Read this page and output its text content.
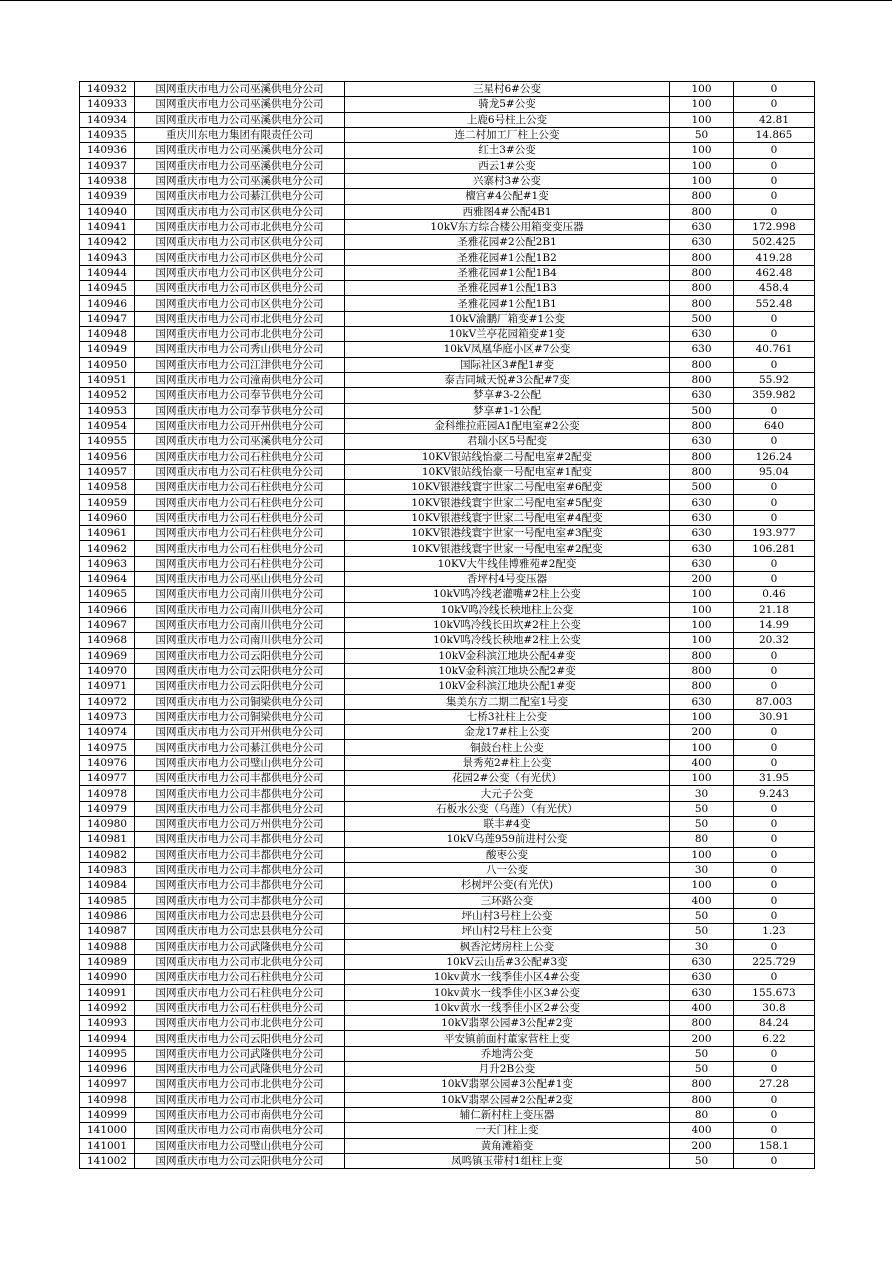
140932	国网重庆市电力公司巫溪供电分公司	三星村6#公变	100	0
140933	国网重庆市电力公司巫溪供电分公司	骑龙5#公变	100	0
140934	国网重庆市电力公司巫溪供电分公司	上鹿6号柱上公变	100	42.81
140935	重庆川东电力集团有限责任公司	连二村加工厂柱上公变	50	14.865
140936	国网重庆市电力公司巫溪供电分公司	红土3#公变	100	0
140937	国网重庆市电力公司巫溪供电分公司	西云1#公变	100	0
140938	国网重庆市电力公司巫溪供电分公司	兴寨村3#公变	100	0
140939	国网重庆市电力公司綦江供电分公司	檀宫#4公配#1变	800	0
140940	国网重庆市电力公司市区供电分公司	西雅图4#公配4B1	800	0
140941	国网重庆市电力公司市北供电分公司	10kV东方综合楼公用箱变变压器	630	172.998
140942	国网重庆市电力公司市区供电分公司	圣雅花园#2公配2B1	630	502.425
140943	国网重庆市电力公司市区供电分公司	圣雅花园#1公配1B2	800	419.28
140944	国网重庆市电力公司市区供电分公司	圣雅花园#1公配1B4	800	462.48
140945	国网重庆市电力公司市区供电分公司	圣雅花园#1公配1B3	800	458.4
140946	国网重庆市电力公司市区供电分公司	圣雅花园#1公配1B1	800	552.48
140947	国网重庆市电力公司市北供电分公司	10kV渝鹏厂箱变#1公变	500	0
140948	国网重庆市电力公司市北供电分公司	10kV兰亭花园箱变#1变	630	0
140949	国网重庆市电力公司秀山供电分公司	10kV凤凰华庭小区#7公变	630	40.761
140950	国网重庆市电力公司江津供电分公司	国际社区3#配1#变	800	0
140951	国网重庆市电力公司潼南供电分公司	泰吉同城天悦#3公配#7变	800	55.92
140952	国网重庆市电力公司奉节供电分公司	梦享#3-2公配	630	359.982
140953	国网重庆市电力公司奉节供电分公司	梦享#1-1公配	500	0
140954	国网重庆市电力公司开州供电分公司	金科维拉莊园A1配电室#2公变	800	640
140955	国网重庆市电力公司巫溪供电分公司	君瑞小区5号配变	630	0
140956	国网重庆市电力公司石柱供电分公司	10KV银站线怡豪二号配电室#2配变	800	126.24
140957	国网重庆市电力公司石柱供电分公司	10KV银站线怡豪一号配电室#1配变	800	95.04
140958	国网重庆市电力公司石柱供电分公司	10KV银港线寰宇世家二号配电室#6配变	500	0
140959	国网重庆市电力公司石柱供电分公司	10KV银港线寰宇世家二号配电室#5配变	630	0
140960	国网重庆市电力公司石柱供电分公司	10KV银港线寰宇世家二号配电室#4配变	630	0
140961	国网重庆市电力公司石柱供电分公司	10KV银港线寰宇世家一号配电室#3配变	630	193.977
140962	国网重庆市电力公司石柱供电分公司	10KV银港线寰宇世家一号配电室#2配变	630	106.281
140963	国网重庆市电力公司石柱供电分公司	10KV大牛线佳博雅苑#2配变	630	0
140964	国网重庆市电力公司巫山供电分公司	香坪村4号变压器	200	0
140965	国网重庆市电力公司南川供电分公司	10kV鸣冷线老灌嘴#2柱上公变	100	0.46
140966	国网重庆市电力公司南川供电分公司	10kV鸣冷线长秧地柱上公变	100	21.18
140967	国网重庆市电力公司南川供电分公司	10kV鸣冷线长田坎#2柱上公变	100	14.99
140968	国网重庆市电力公司南川供电分公司	10kV鸣冷线长秧地#2柱上公变	100	20.32
140969	国网重庆市电力公司云阳供电分公司	10kV金科滨江地块公配4#变	800	0
140970	国网重庆市电力公司云阳供电分公司	10kV金科滨江地块公配2#变	800	0
140971	国网重庆市电力公司云阳供电分公司	10kV金科滨江地块公配1#变	800	0
140972	国网重庆市电力公司铜梁供电分公司	集美东方二期二配室1号变	630	87.003
140973	国网重庆市电力公司铜梁供电分公司	七桥3社柱上公变	100	30.91
140974	国网重庆市电力公司开州供电分公司	金龙17#柱上公变	200	0
140975	国网重庆市电力公司綦江供电分公司	铜鼓台柱上公变	100	0
140976	国网重庆市电力公司璧山供电分公司	景秀苑2#柱上公变	400	0
140977	国网重庆市电力公司丰都供电分公司	花园2#公变（有光伏）	100	31.95
140978	国网重庆市电力公司丰都供电分公司	大元子公变	30	9.243
140979	国网重庆市电力公司丰都供电分公司	石板水公变（乌莲）（有光伏）	50	0
140980	国网重庆市电力公司万州供电分公司	联丰#4变	50	0
140981	国网重庆市电力公司丰都供电分公司	10kV乌莲959前进村公变	80	0
140982	国网重庆市电力公司丰都供电分公司	酸枣公变	100	0
140983	国网重庆市电力公司丰都供电分公司	八一公变	30	0
140984	国网重庆市电力公司丰都供电分公司	杉树坪公变(有光伏)	100	0
140985	国网重庆市电力公司丰都供电分公司	三环路公变	400	0
140986	国网重庆市电力公司忠县供电分公司	坪山村3号柱上公变	50	0
140987	国网重庆市电力公司忠县供电分公司	坪山村2号柱上公变	50	1.23
140988	国网重庆市电力公司武隆供电分公司	枫香沱烤房柱上公变	30	0
140989	国网重庆市电力公司市北供电分公司	10kV云山岳#3公配#3变	630	225.729
140990	国网重庆市电力公司石柱供电分公司	10kv黄水一线季佳小区4#公变	630	0
140991	国网重庆市电力公司石柱供电分公司	10kv黄水一线季佳小区3#公变	630	155.673
140992	国网重庆市电力公司石柱供电分公司	10kv黄水一线季佳小区2#公变	400	30.8
140993	国网重庆市电力公司市北供电分公司	10kV翡翠公园#3公配#2变	800	84.24
140994	国网重庆市电力公司云阳供电分公司	平安镇前面村董家营柱上变	200	6.22
140995	国网重庆市电力公司武隆供电分公司	乔地湾公变	50	0
140996	国网重庆市电力公司武隆供电分公司	月升2B公变	50	0
140997	国网重庆市电力公司市北供电分公司	10kV翡翠公园#3公配#1变	800	27.28
140998	国网重庆市电力公司市北供电分公司	10kV翡翠公园#2公配#2变	800	0
140999	国网重庆市电力公司市南供电分公司	辅仁新村柱上变压器	80	0
141000	国网重庆市电力公司市南供电分公司	一天门柱上变	400	0
141001	国网重庆市电力公司璧山供电分公司	黄角滩箱变	200	158.1
141002	国网重庆市电力公司云阳供电分公司	凤鸣镇玉带村1组柱上变	50	0
